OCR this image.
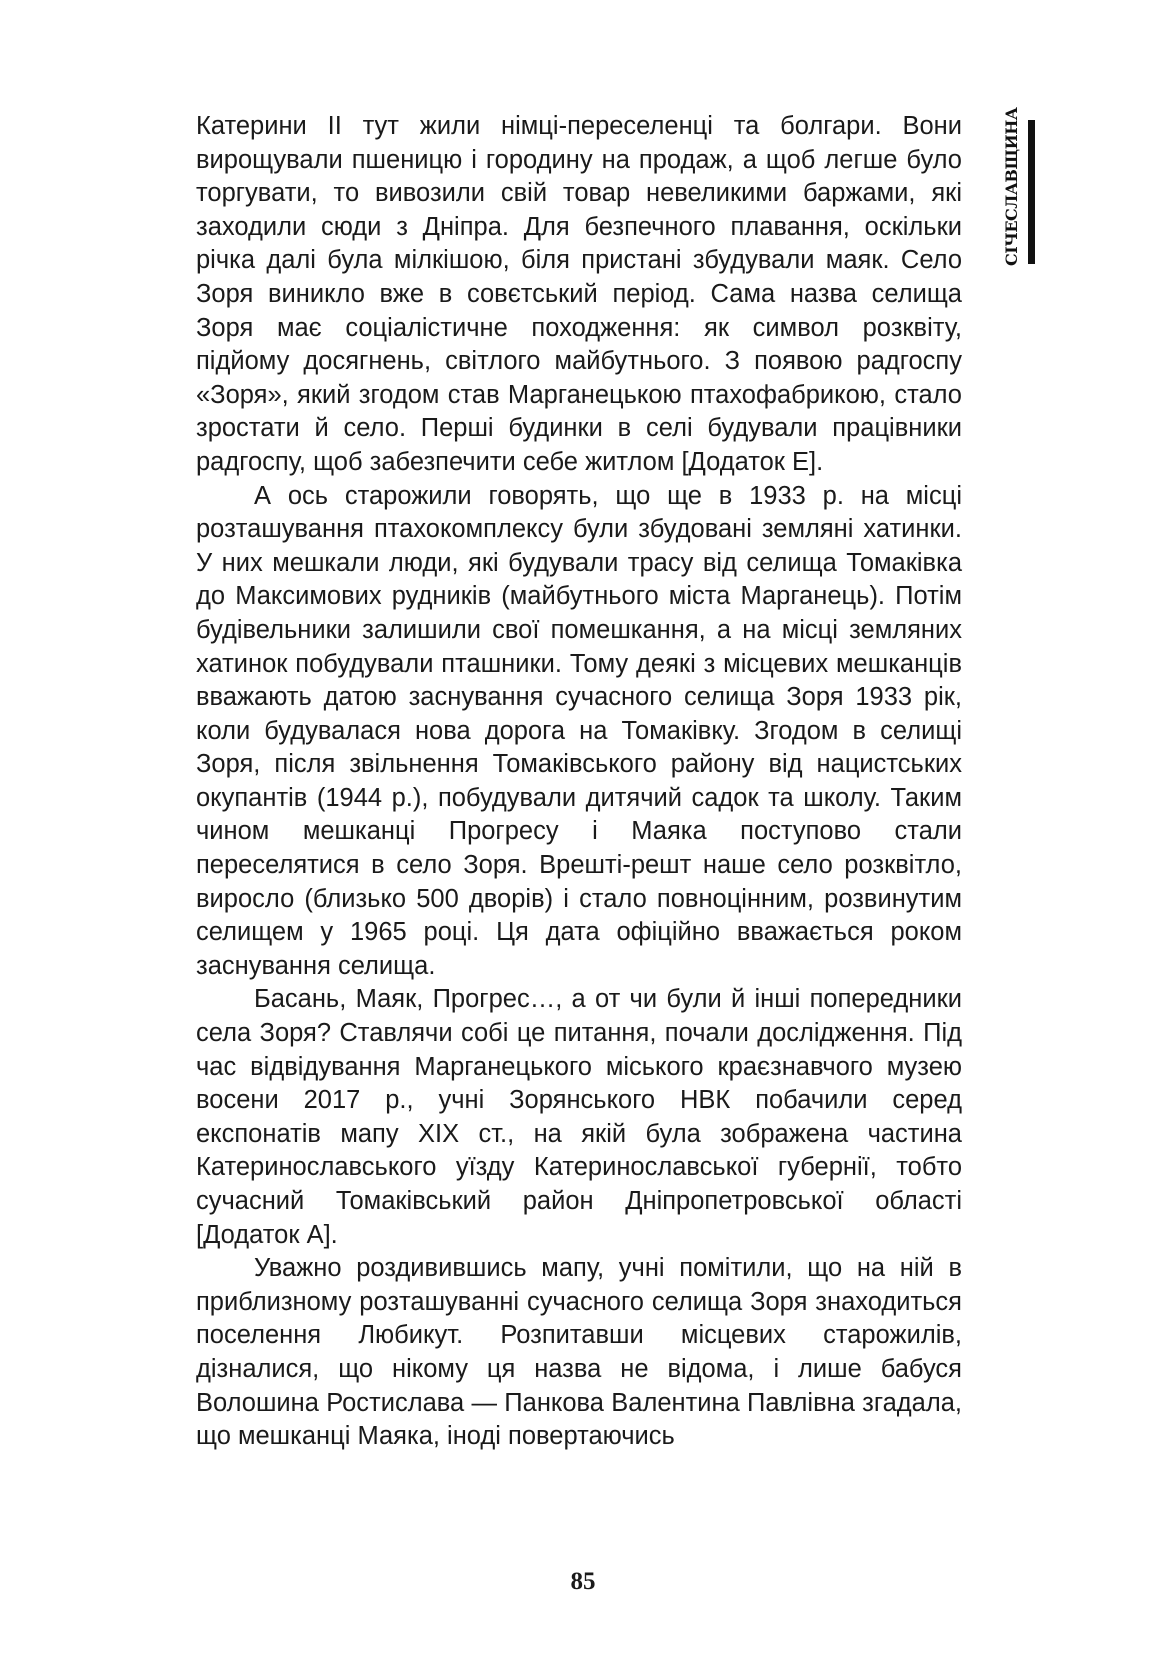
СІЧЕСЛАВЩИНА

Катерини ІІ тут жили німці-переселенці та болгари. Вони вирощували пшеницю і городину на продаж, а щоб легше було торгувати, то вивозили свій товар невеликими баржами, які заходили сюди з Дніпра. Для безпечного плавання, оскільки річка далі була мілкішою, біля пристані збудували маяк. Село Зоря виникло вже в совєтський період. Сама назва селища Зоря має соціалістичне походження: як символ розквіту, підйому досягнень, світлого майбутнього. З появою радгоспу «Зоря», який згодом став Марганецькою птахофабрикою, стало зростати й село. Перші будинки в селі будували працівники радгоспу, щоб забезпечити себе житлом [Додаток Е].

А ось старожили говорять, що ще в 1933 р. на місці розташування птахокомплексу були збудовані земляні хатинки. У них мешкали люди, які будували трасу від селища Томаківка до Максимових рудників (майбутнього міста Марганець). Потім будівельники залишили свої помешкання, а на місці земляних хатинок побудували пташники. Тому деякі з місцевих мешканців вважають датою заснування сучасного селища Зоря 1933 рік, коли будувалася нова дорога на Томаківку. Згодом в селищі Зоря, після звільнення Томаківського району від нацистських окупантів (1944 р.), побудували дитячий садок та школу. Таким чином мешканці Прогресу і Маяка поступово стали переселятися в село Зоря. Врешті-решт наше село розквітло, виросло (близько 500 дворів) і стало повноцінним, розвинутим селищем у 1965 році. Ця дата офіційно вважається роком заснування селища.

Басань, Маяк, Прогрес…, а от чи були й інші попередники села Зоря? Ставлячи собі це питання, почали дослідження. Під час відвідування Марганецького міського краєзнавчого музею восени 2017 р., учні Зорянського НВК побачили серед експонатів мапу ХІХ ст., на якій була зображена частина Катеринославського уїзду Катеринославської губернії, тобто сучасний Томаківський район Дніпропетровської області [Додаток А].

Уважно роздивившись мапу, учні помітили, що на ній в приблизному розташуванні сучасного селища Зоря знаходиться поселення Любикут. Розпитавши місцевих старожилів, дізналися, що нікому ця назва не відома, і лише бабуся Волошина Ростислава — Панкова Валентина Павлівна згадала, що мешканці Маяка, іноді повертаючись

85
